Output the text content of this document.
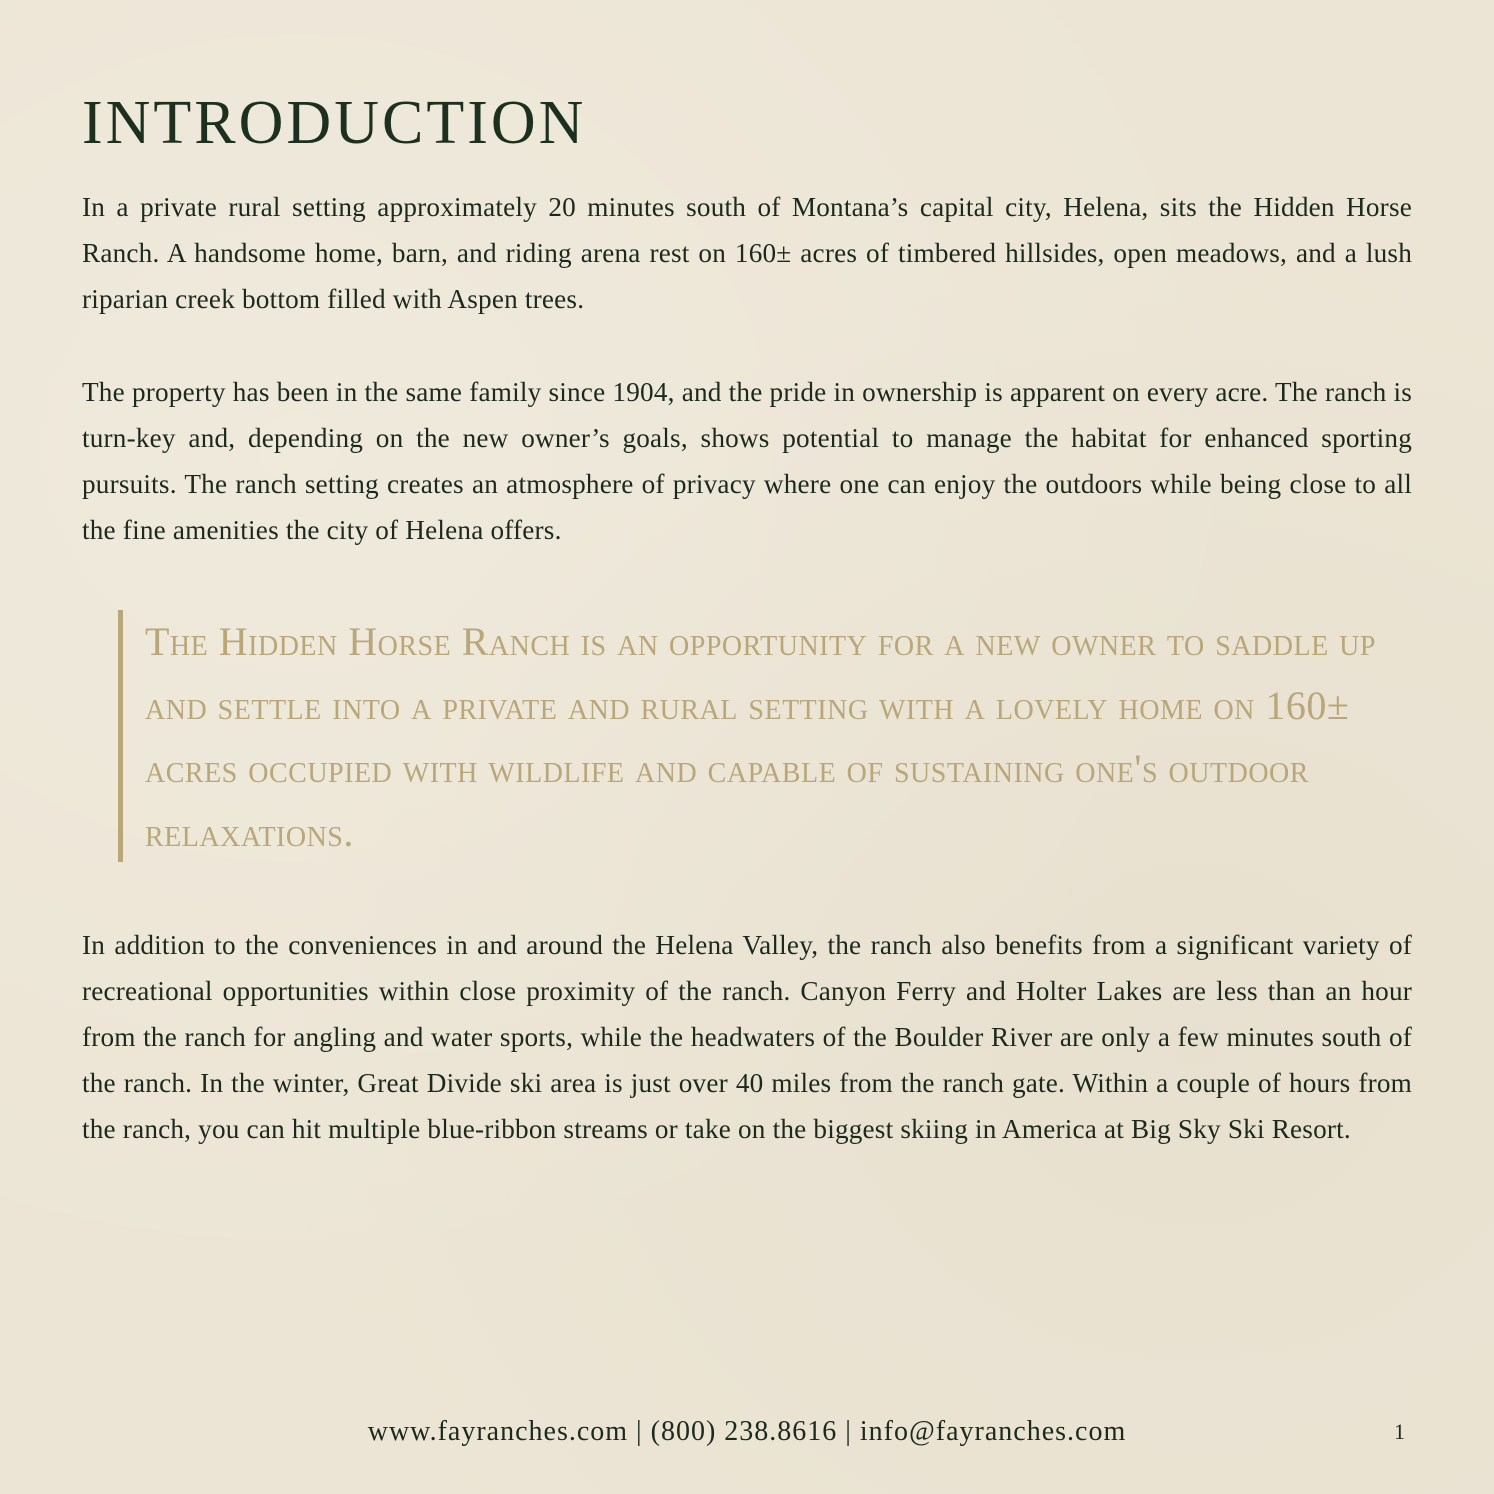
INTRODUCTION

In a private rural setting approximately 20 minutes south of Montana’s capital city, Helena, sits the Hidden Horse Ranch. A handsome home, barn, and riding arena rest on 160± acres of timbered hillsides, open meadows, and a lush riparian creek bottom filled with Aspen trees.

The property has been in the same family since 1904, and the pride in ownership is apparent on every acre. The ranch is turn-key and, depending on the new owner’s goals, shows potential to manage the habitat for enhanced sporting pursuits. The ranch setting creates an atmosphere of privacy where one can enjoy the outdoors while being close to all the fine amenities the city of Helena offers.

The Hidden Horse Ranch is an opportunity for a new owner to saddle up and settle into a private and rural setting with a lovely home on 160± acres occupied with wildlife and capable of sustaining one's outdoor relaxations.

In addition to the conveniences in and around the Helena Valley, the ranch also benefits from a significant variety of recreational opportunities within close proximity of the ranch. Canyon Ferry and Holter Lakes are less than an hour from the ranch for angling and water sports, while the headwaters of the Boulder River are only a few minutes south of the ranch. In the winter, Great Divide ski area is just over 40 miles from the ranch gate. Within a couple of hours from the ranch, you can hit multiple blue-ribbon streams or take on the biggest skiing in America at Big Sky Ski Resort.

www.fayranches.com | (800) 238.8616 | info@fayranches.com	1
